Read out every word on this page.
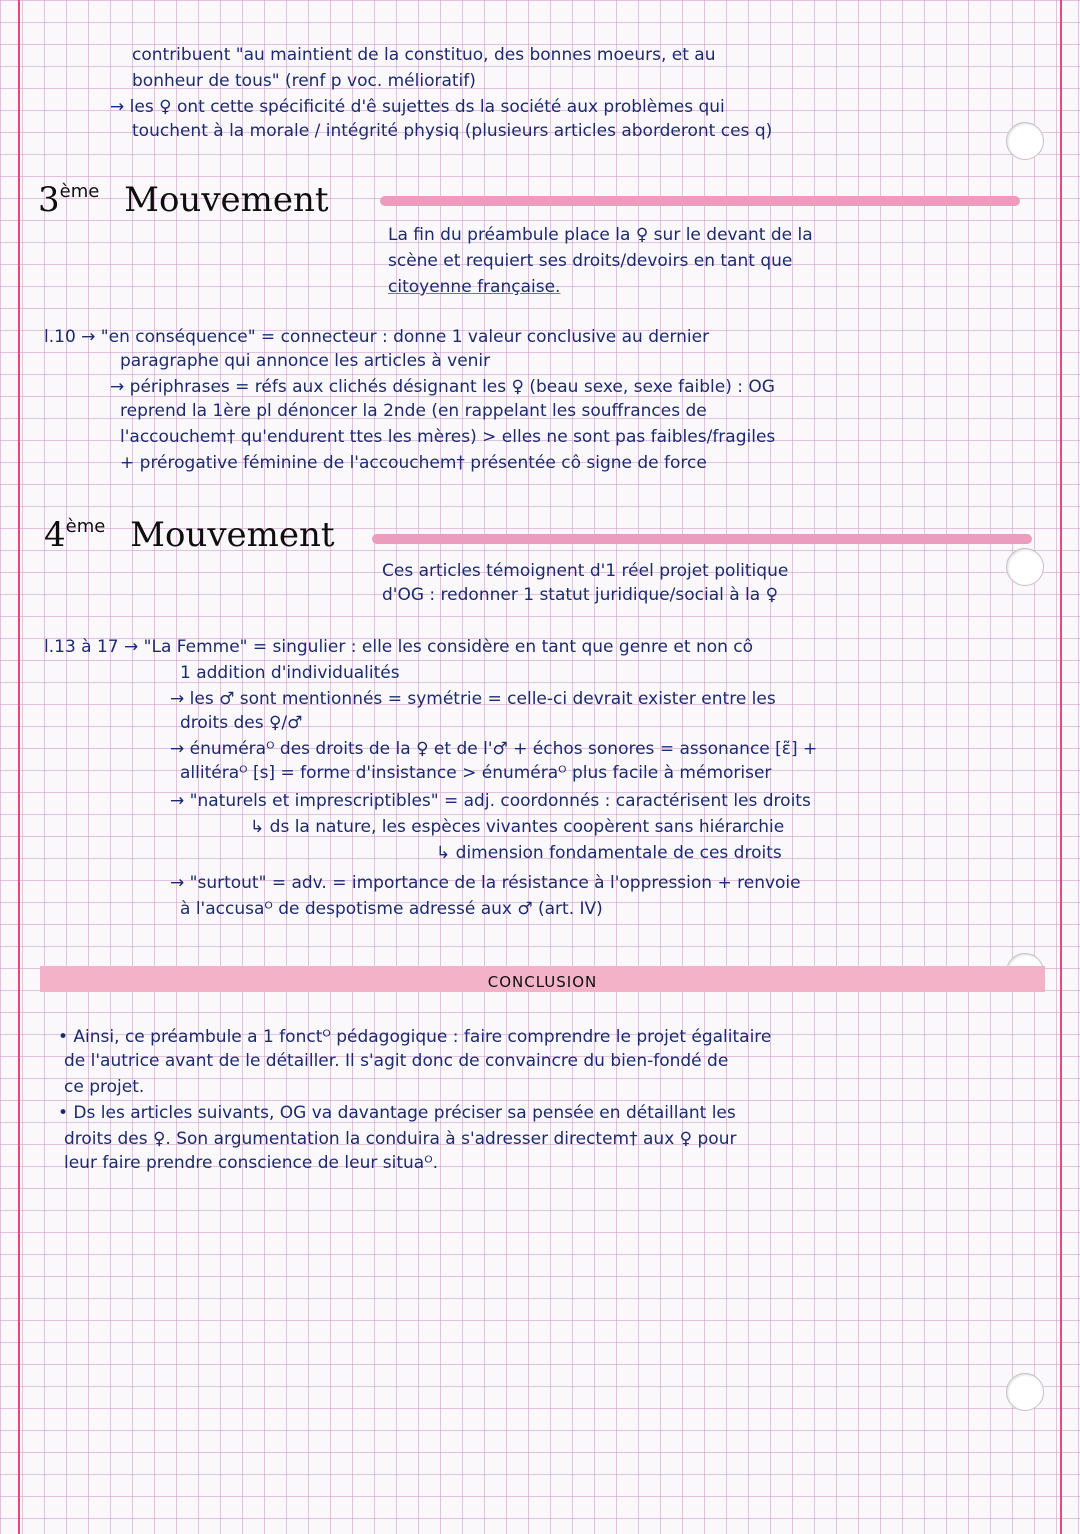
contribuent "au maintient de la constituo, des bonnes moeurs, et au
bonheur de tous" (renf p voc. mélioratif)
→ les ♀ ont cette spécificité d'ê sujettes ds la société aux problèmes qui
touchent à la morale / intégrité physiq (plusieurs articles aborderont ces q)
3ème Mouvement
La fin du préambule place la ♀ sur le devant de la
scène et requiert ses droits/devoirs en tant que
citoyenne française.
l.10 → "en conséquence" = connecteur : donne 1 valeur conclusive au dernier
paragraphe qui annonce les articles à venir
→ périphrases = réfs aux clichés désignant les ♀ (beau sexe, sexe faible) : OG
reprend la 1ère pl dénoncer la 2nde (en rappelant les souffrances de
l'accouchem† qu'endurent ttes les mères) > elles ne sont pas faibles/fragiles
+ prérogative féminine de l'accouchem† présentée cô signe de force
4ème Mouvement
Ces articles témoignent d'1 réel projet politique
d'OG : redonner 1 statut juridique/social à la ♀
l.13 à 17 → "La Femme" = singulier : elle les considère en tant que genre et non cô
1 addition d'individualités
→ les ♂ sont mentionnés = symétrie = celle-ci devrait exister entre les
droits des ♀/♂
→ énuméraᴼ des droits de la ♀ et de l'♂ + échos sonores = assonance [ɛ̃] +
allitéraᴼ [s] = forme d'insistance > énuméraᴼ plus facile à mémoriser
→ "naturels et imprescriptibles" = adj. coordonnés : caractérisent les droits
↳ ds la nature, les espèces vivantes coopèrent sans hiérarchie
↳ dimension fondamentale de ces droits
→ "surtout" = adv. = importance de la résistance à l'oppression + renvoie
à l'accusaᴼ de despotisme adressé aux ♂ (art. IV)
CONCLUSION
• Ainsi, ce préambule a 1 fonctᴼ pédagogique : faire comprendre le projet égalitaire
de l'autrice avant de le détailler. Il s'agit donc de convaincre du bien-fondé de
ce projet.
• Ds les articles suivants, OG va davantage préciser sa pensée en détaillant les
droits des ♀. Son argumentation la conduira à s'adresser directem† aux ♀ pour
leur faire prendre conscience de leur situaᴼ.
